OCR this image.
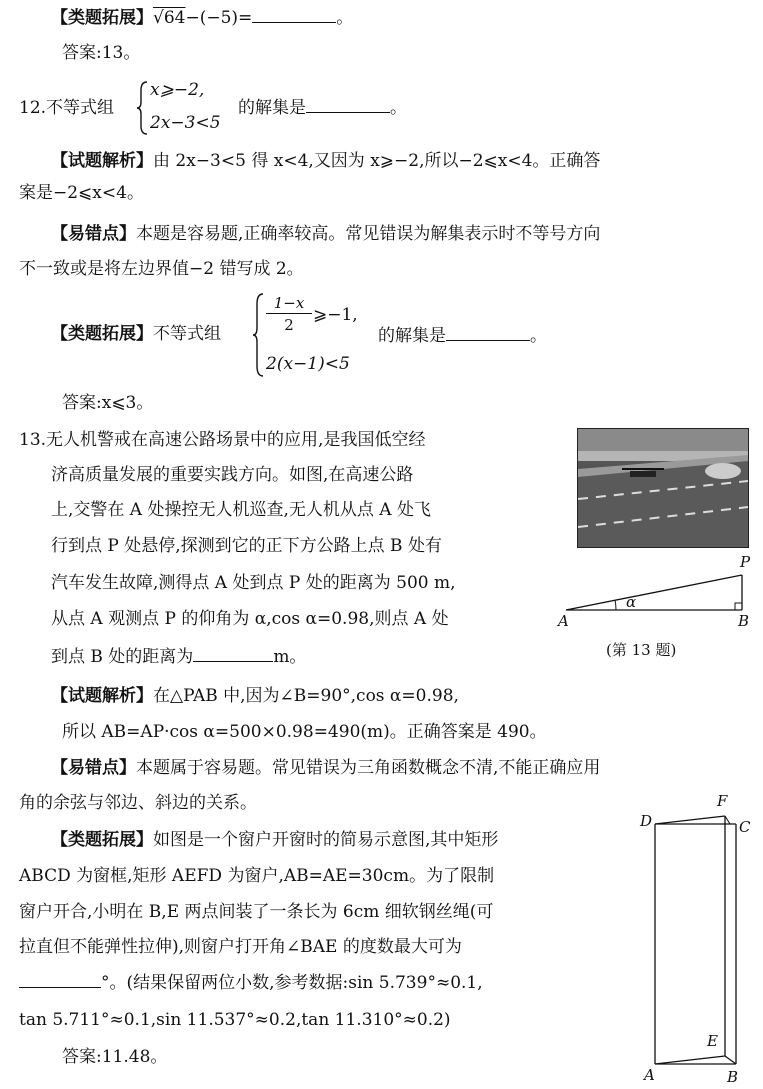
【类题拓展】√64−(−5)=	。
答案:13。
12.不等式组
x⩾−2,
2x−3<5
的解集是	。
【试题解析】由 2x−3<5 得 x<4,又因为 x⩾−2,所以−2⩽x<4。正确答
案是−2⩽x<4。
【易错点】本题是容易题,正确率较高。常见错误为解集表示时不等号方向
不一致或是将左边界值−2 错写成 2。
【类题拓展】不等式组
1−x
2	⩾−1,
2(x−1)<5
的解集是	。
答案:x⩽3。
13.无人机警戒在高速公路场景中的应用,是我国低空经
济高质量发展的重要实践方向。如图,在高速公路
上,交警在 A 处操控无人机巡查,无人机从点 A 处飞
行到点 P 处悬停,探测到它的正下方公路上点 B 处有
汽车发生故障,测得点 A 处到点 P 处的距离为 500 m,
从点 A 观测点 P 的仰角为 α,cos α=0.98,则点 A 处
到点 B 处的距离为	m。
A	B
P
α
(第 13 题)
【试题解析】在△PAB 中,因为∠B=90°,cos α=0.98,
所以 AB=AP·cos α=500×0.98=490(m)。正确答案是 490。
【易错点】本题属于容易题。常见错误为三角函数概念不清,不能正确应用
角的余弦与邻边、斜边的关系。
【类题拓展】如图是一个窗户开窗时的简易示意图,其中矩形
ABCD 为窗框,矩形 AEFD 为窗户,AB=AE=30cm。为了限制
窗户开合,小明在 B,E 两点间装了一条长为 6cm 细软钢丝绳(可
拉直但不能弹性拉伸),则窗户打开角∠BAE 的度数最大可为
°。(结果保留两位小数,参考数据:sin 5.739°≈0.1,
tan 5.711°≈0.1,sin 11.537°≈0.2,tan 11.310°≈0.2)
答案:11.48。
D
F
C
E
A	B
